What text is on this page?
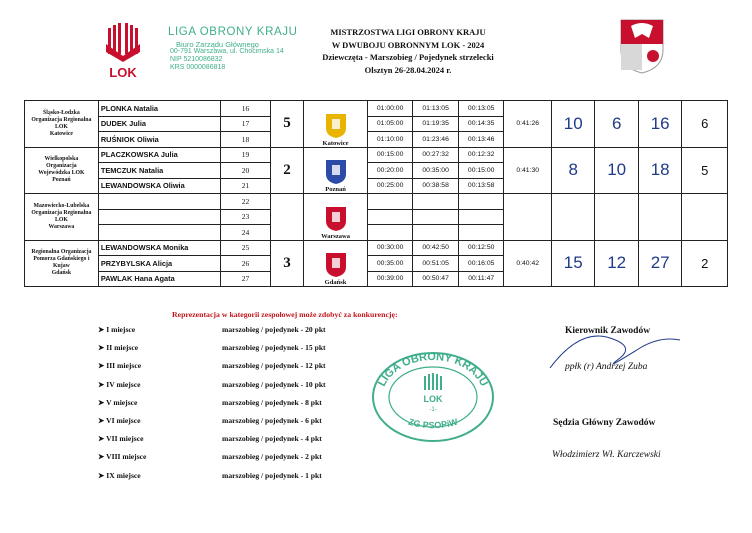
LOK
LIGA OBRONY KRAJU
Biuro Zarządu Głównego
00-791 Warszawa, ul. Chocimska 14
NIP 5210086832
KRS 0000086818
MISTRZOSTWA LIGI OBRONY KRAJU
W DWUBOJU OBRONNYM LOK - 2024
Dziewczęta - Marszobieg / Pojedynek strzelecki
Olsztyn 26-28.04.2024 r.
Śląsko-Łodzka
Organizacja Regionalna
LOK
Katowice	PLONKA Natalia	16	5	Katowice	01:00:00	01:13:05	00:13:05	0:41:26	10	6	16	6
	DUDEK Julia	17			01:05:00	01:19:35	00:14:35					
	RUŚNIOK Oliwia	18			01:10:00	01:23:46	00:13:46					

Wielkopolska
Organizacja
Wojewódzka LOK
Poznań	PLACZKOWSKA Julia	19	2	Poznań	00:15:00	00:27:32	00:12:32	0:41:30	8	10	18	5
	TEMCZUK Natalia	20			00:20:00	00:35:00	00:15:00					
	LEWANDOWSKA Oliwia	21			00:25:00	00:38:58	00:13:58					

Mazowiecko-Lubelska
Organizacja Regionalna
LOK
Warszawa		22		Warszawa								

		23										
		24										

Regionalna Organizacja
Pomorza Gdańskiego i
Kujaw
Gdańsk	LEWANDOWSKA Monika	25	3	Gdańsk	00:30:00	00:42:50	00:12:50	0:40:42	15	12	27	2
	PRZYBYLSKA Alicja	26			00:35:00	00:51:05	00:16:05					
	PAWLAK Hana Agata	27			00:39:00	00:50:47	00:11:47					
Reprezentacja w kategorii zespołowej może zdobyć za konkurencję:
➤ I miejsce	marszobieg / pojedynek - 20 pkt
➤ II miejsce	marszobieg / pojedynek - 15 pkt
➤ III miejsce	marszobieg / pojedynek - 12 pkt
➤ IV miejsce	marszobieg / pojedynek - 10 pkt
➤ V miejsce	marszobieg / pojedynek - 8 pkt
➤ VI miejsce	marszobieg / pojedynek - 6 pkt
➤ VII miejsce	marszobieg / pojedynek - 4 pkt
➤ VIII miejsce	marszobieg / pojedynek - 2 pkt
➤ IX miejsce	marszobieg / pojedynek - 1 pkt
LIGA OBRONY KRAJU
LOK
-1-
ZG PSOPiW
Kierownik Zawodów
ppłk (r) Andrzej Zuba
Sędzia Główny Zawodów
Włodzimierz Wł. Karczewski
